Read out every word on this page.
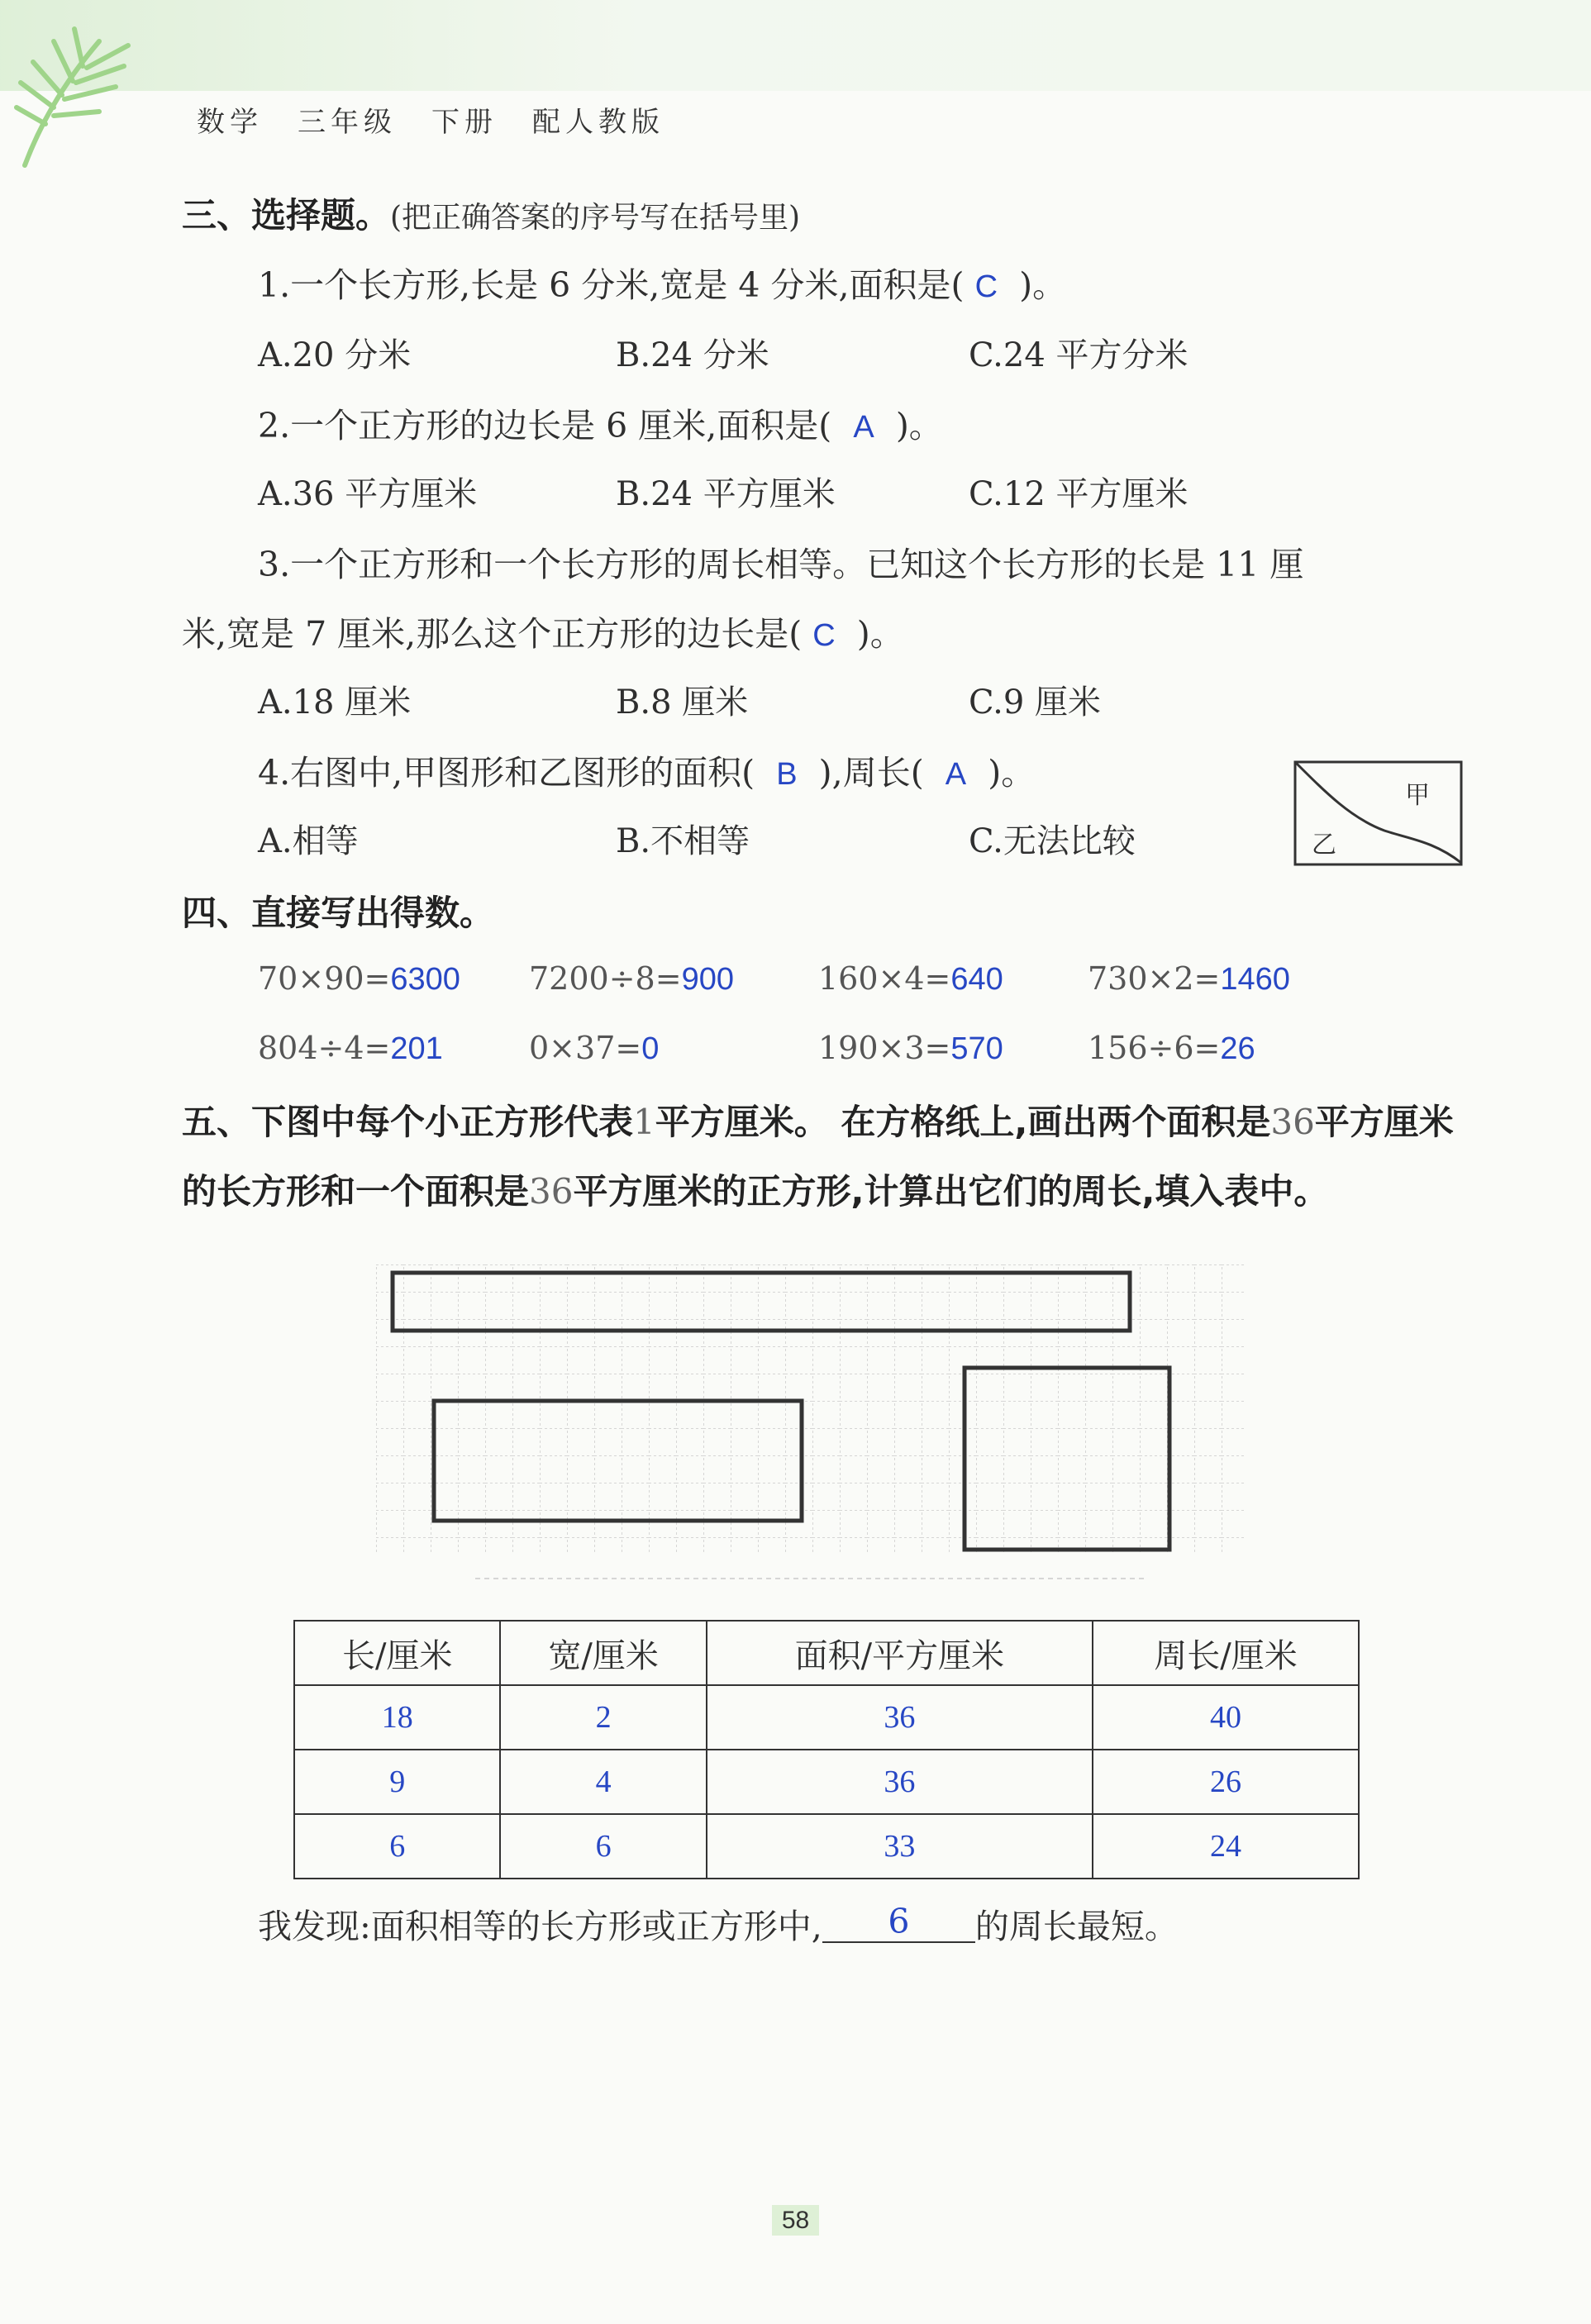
数学 三年级 下册 配人教版
三、选择题。(把正确答案的序号写在括号里)
1.一个长方形,长是 6 分米,宽是 4 分米,面积是( C )。
A.20 分米	B.24 分米	C.24 平方分米
2.一个正方形的边长是 6 厘米,面积是( A )。
A.36 平方厘米	B.24 平方厘米	C.12 平方厘米
3.一个正方形和一个长方形的周长相等。已知这个长方形的长是 11 厘
米,宽是 7 厘米,那么这个正方形的边长是( C )。
A.18 厘米	B.8 厘米	C.9 厘米
4.右图中,甲图形和乙图形的面积( B ),周长( A )。
A.相等	B.不相等	C.无法比较
甲
乙
四、直接写出得数。
70×90=6300 7200÷8=900	160×4=640	730×2=1460
804÷4=201	0×37=0	190×3=570	156÷6=26
五、下图中每个小正方形代表1平方厘米。 在方格纸上,画出两个面积是36平方厘米的长方形和一个面积是36平方厘米的正方形,计算出它们的周长,填入表中。
长/厘米	宽/厘米	面积/平方厘米	周长/厘米
18	2	36	40
9	4	36	26
6	6	33	24
我发现:面积相等的长方形或正方形中, 6 的周长最短。
58
